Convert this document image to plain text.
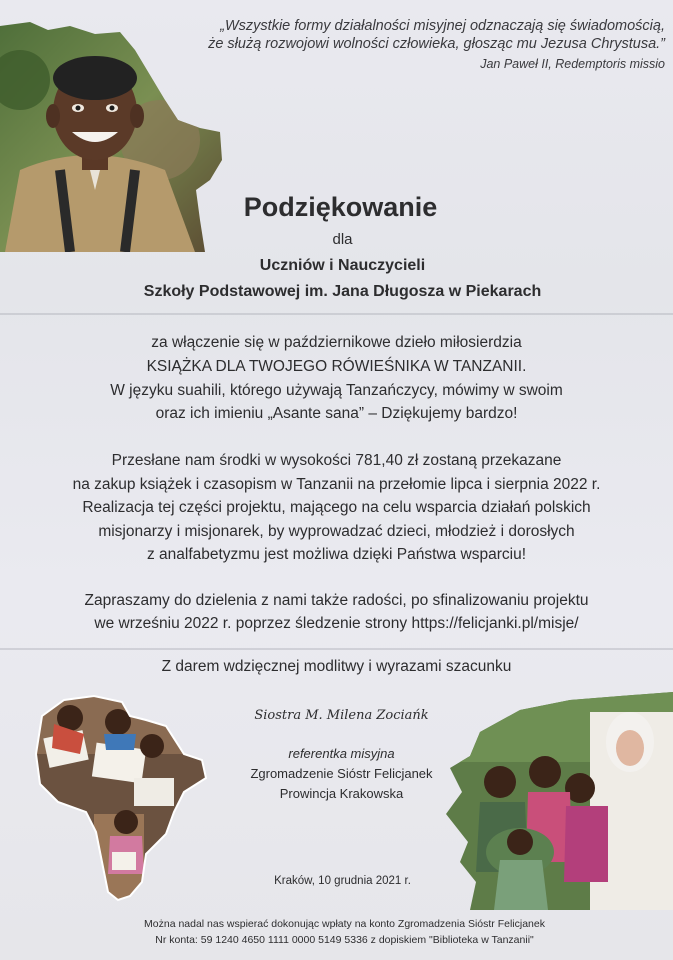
„Wszystkie formy działalności misyjnej odznaczają się świadomością,
że służą rozwojowi wolności człowieka, głosząc mu Jezusa Chrystusa.”
Jan Paweł II, Redemptoris missio
Podziękowanie
dla
Uczniów i Nauczycieli
Szkoły Podstawowej im. Jana Długosza w Piekarach
za włączenie się w październikowe dzieło miłosierdzia
KSIĄŻKA DLA TWOJEGO RÓWIEŚNIKA W TANZANII.
W języku suahili, którego używają Tanzańczycy, mówimy w swoim
oraz ich imieniu „Asante sana” – Dziękujemy bardzo!
Przesłane nam środki w wysokości 781,40 zł zostaną przekazane
na zakup książek i czasopism w Tanzanii na przełomie lipca i sierpnia 2022 r.
Realizacja tej części projektu, mającego na celu wsparcia działań polskich
misjonarzy i misjonarek, by wyprowadzać dzieci, młodzież i dorosłych
z analfabetyzmu jest możliwa dzięki Państwa wsparciu!
Zapraszamy do dzielenia z nami także radości, po sfinalizowaniu projektu
we wrześniu 2022 r. poprzez śledzenie strony https://felicjanki.pl/misje/
Z darem wdzięcznej modlitwy i wyrazami szacunku
Siostra M. Milena Zociańk
referentka misyjna
Zgromadzenie Sióstr Felicjanek
Prowincja Krakowska
Kraków, 10 grudnia 2021 r.
Można nadal nas wspierać dokonując wpłaty na konto Zgromadzenia Sióstr Felicjanek
Nr konta: 59 1240 4650 1111 0000 5149 5336 z dopiskiem "Biblioteka w Tanzanii"
